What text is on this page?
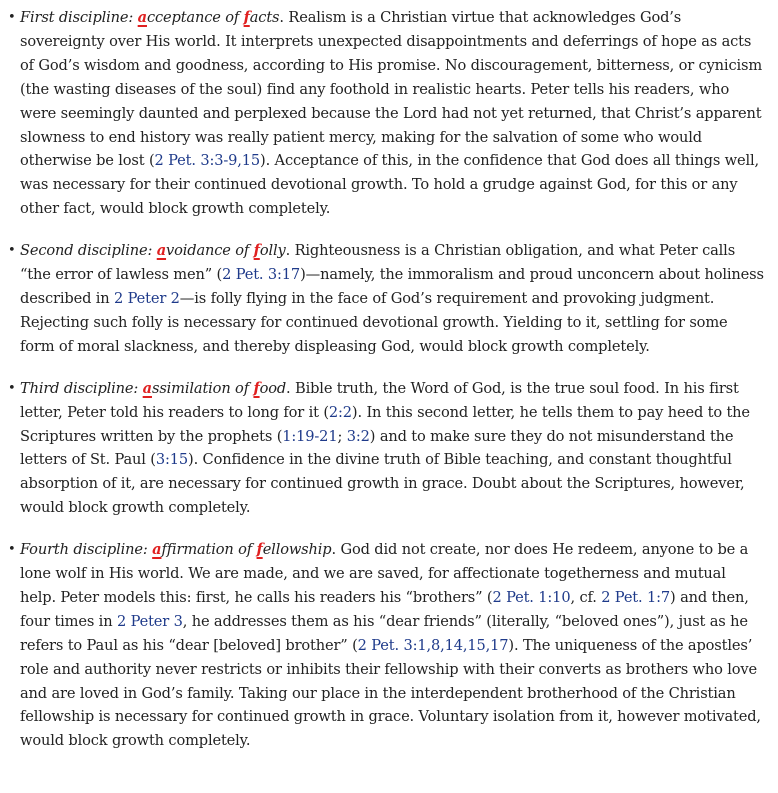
• First discipline: acceptance of facts. Realism is a Christian virtue that acknowledges God’s sovereignty over His world. It interprets unexpected disappointments and deferrings of hope as acts of God’s wisdom and goodness, according to His promise. No discouragement, bitterness, or cynicism (the wasting diseases of the soul) find any foothold in realistic hearts. Peter tells his readers, who were seemingly daunted and perplexed because the Lord had not yet returned, that Christ’s apparent slowness to end history was really patient mercy, making for the salvation of some who would otherwise be lost (2 Pet. 3:3-9,15). Acceptance of this, in the confidence that God does all things well, was necessary for their continued devotional growth. To hold a grudge against God, for this or any other fact, would block growth completely.

• Second discipline: avoidance of folly. Righteousness is a Christian obligation, and what Peter calls “the error of lawless men” (2 Pet. 3:17)—namely, the immoralism and proud unconcern about holiness described in 2 Peter 2—is folly flying in the face of God’s requirement and provoking judgment. Rejecting such folly is necessary for continued devotional growth. Yielding to it, settling for some form of moral slackness, and thereby displeasing God, would block growth completely.

• Third discipline: assimilation of food. Bible truth, the Word of God, is the true soul food. In his first letter, Peter told his readers to long for it (2:2). In this second letter, he tells them to pay heed to the Scriptures written by the prophets (1:19-21; 3:2) and to make sure they do not misunderstand the letters of St. Paul (3:15). Confidence in the divine truth of Bible teaching, and constant thoughtful absorption of it, are necessary for continued growth in grace. Doubt about the Scriptures, however, would block growth completely.

• Fourth discipline: affirmation of fellowship. God did not create, nor does He redeem, anyone to be a lone wolf in His world. We are made, and we are saved, for affectionate togetherness and mutual help. Peter models this: first, he calls his readers his “brothers” (2 Pet. 1:10, cf. 2 Pet. 1:7) and then, four times in 2 Peter 3, he addresses them as his “dear friends” (literally, “beloved ones”), just as he refers to Paul as his “dear [beloved] brother” (2 Pet. 3:1,8,14,15,17). The uniqueness of the apostles’ role and authority never restricts or inhibits their fellowship with their converts as brothers who love and are loved in God’s family. Taking our place in the interdependent brotherhood of the Christian fellowship is necessary for continued growth in grace. Voluntary isolation from it, however motivated, would block growth completely.
